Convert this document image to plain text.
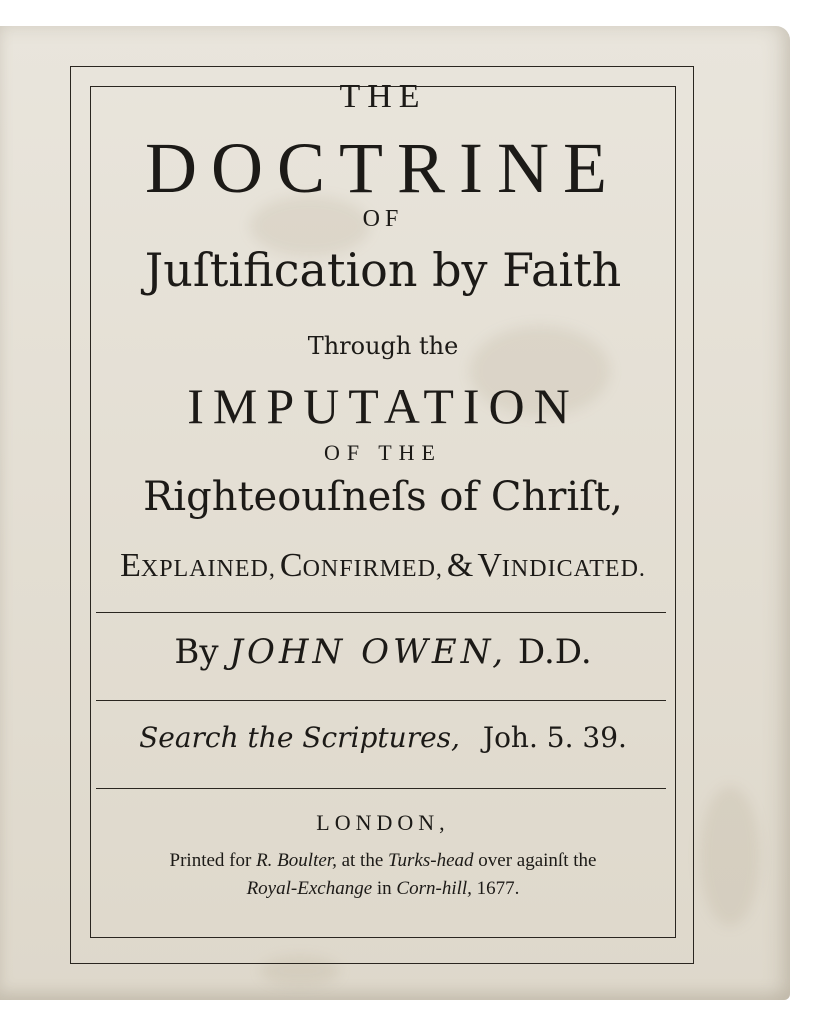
THE
DOCTRINE
OF
Juſtification by Faith
Through the
IMPUTATION
OF THE
Righteouſneſs of Chriſt,
EXPLAINED, CONFIRMED, & VINDICATED.
By JOHN OWEN, D.D.
Search the Scriptures, Joh. 5. 39.
LONDON,
Printed for R. Boulter, at the Turks-head over againſt the
Royal-Exchange in Corn-hill, 1677.
